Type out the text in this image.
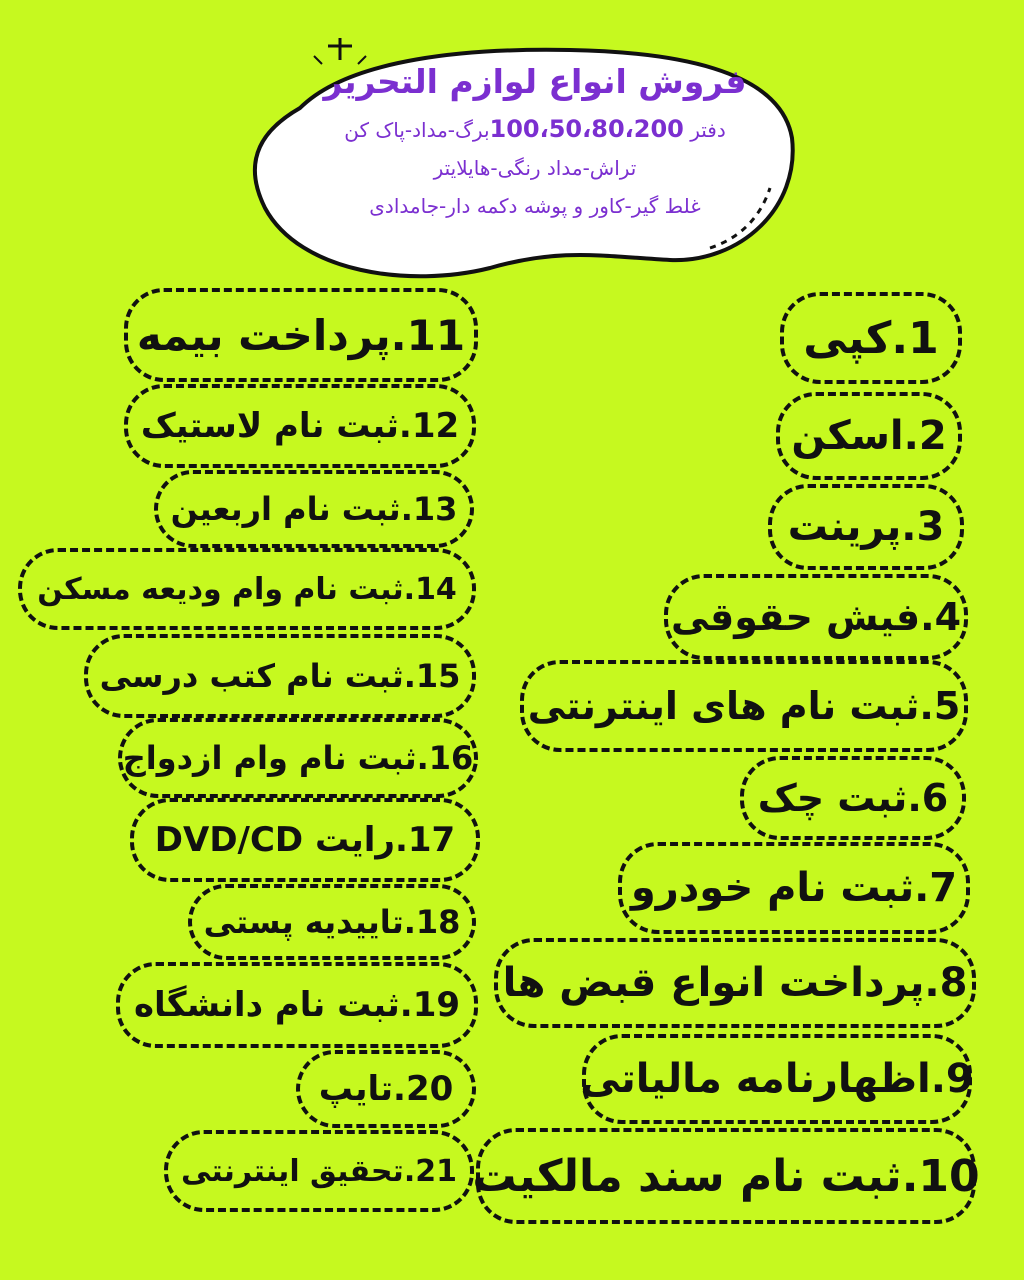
فروش انواع لوازم التحریر
دفتر 100،50،80،200برگ-مداد-پاک کن
تراش-مداد رنگی-هایلایتر
غلط گیر-کاور و پوشه دکمه دار-جامدادی
1.
کپی
2.
اسکن
3.
پرینت
4.
فیش حقوقی
5.
ثبت نام های اینترنتی
6.
ثبت چک
7.
ثبت نام خودرو
8.
پرداخت انواع قبض ها
9.
اظهارنامه مالیاتی
10.
ثبت نام سند مالکیت
11.
پرداخت بیمه
12.
ثبت نام لاستیک
13.
ثبت نام اربعین
14.
ثبت نام وام ودیعه مسکن
15.
ثبت نام کتب درسی
16.
ثبت نام وام ازدواج
17.
رایت DVD/CD
18.
تاییدیه پستی
19.
ثبت نام دانشگاه
20.
تایپ
21.
تحقیق اینترنتی
